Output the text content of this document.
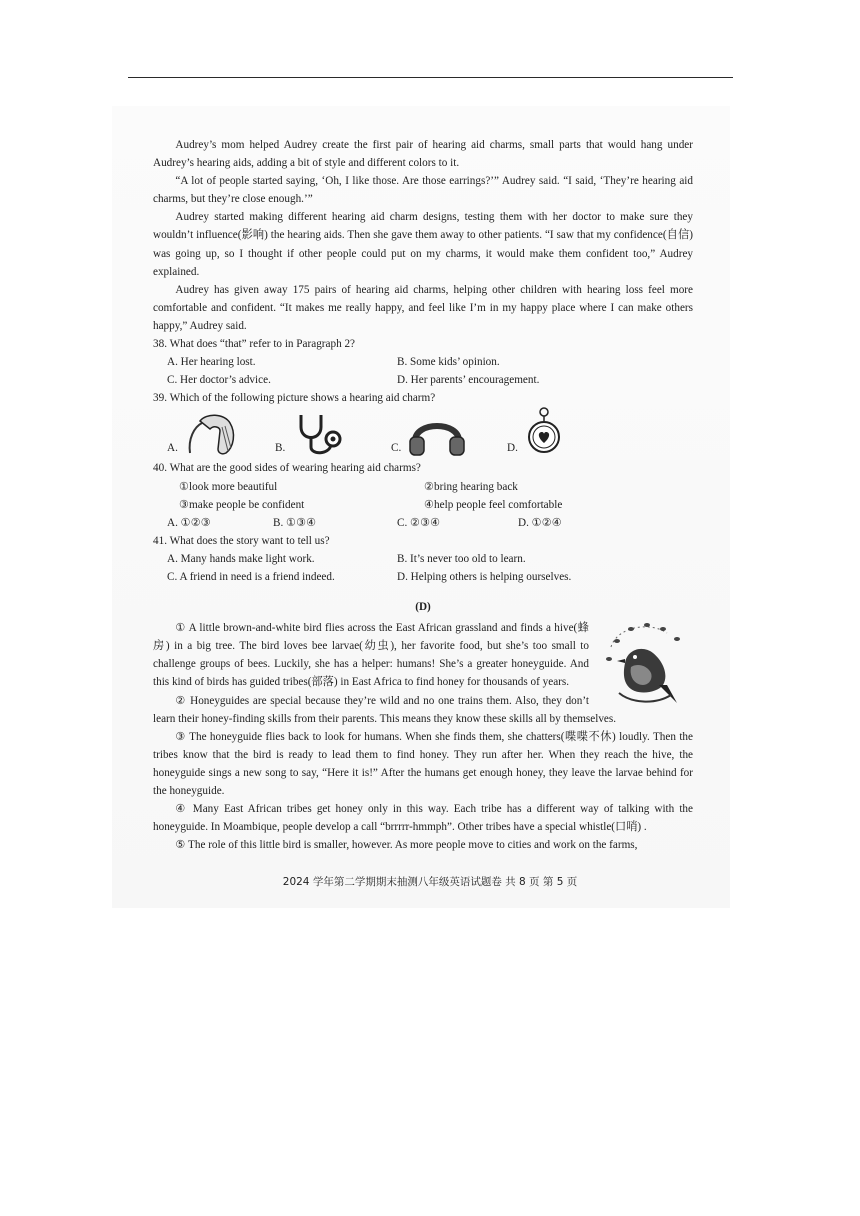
Audrey’s mom helped Audrey create the first pair of hearing aid charms, small parts that would hang under Audrey’s hearing aids, adding a bit of style and different colors to it.

“A lot of people started saying, ‘Oh, I like those. Are those earrings?’” Audrey said. “I said, ‘They’re hearing aid charms, but they’re close enough.’”

Audrey started making different hearing aid charm designs, testing them with her doctor to make sure they wouldn’t influence(影响) the hearing aids. Then she gave them away to other patients. “I saw that my confidence(自信) was going up, so I thought if other people could put on my charms, it would make them confident too,” Audrey explained.

Audrey has given away 175 pairs of hearing aid charms, helping other children with hearing loss feel more comfortable and confident. “It makes me really happy, and feel like I’m in my happy place where I can make others happy,” Audrey said.

38. What does “that” refer to in Paragraph 2?

A. Her hearing lost.	B. Some kids’ opinion.
C. Her doctor’s advice.	D. Her parents’ encouragement.

39. Which of the following picture shows a hearing aid charm?

A.	B.	C.	D.

40. What are the good sides of wearing hearing aid charms?

①look more beautiful	②bring hearing back
③make people be confident	④help people feel comfortable
A. ①②③	B. ①③④	C. ②③④	D. ①②④

41. What does the story want to tell us?

A. Many hands make light work.	B. It’s never too old to learn.
C. A friend in need is a friend indeed.	D. Helping others is helping ourselves.
(D)

① A little brown-and-white bird flies across the East African grassland and finds a hive(蜂房) in a big tree. The bird loves bee larvae(幼虫), her favorite food, but she’s too small to challenge groups of bees. Luckily, she has a helper: humans! She’s a greater honeyguide. And this kind of birds has guided tribes(部落) in East Africa to find honey for thousands of years.

② Honeyguides are special because they’re wild and no one trains them. Also, they don’t learn their honey-finding skills from their parents. This means they know these skills all by themselves.

③ The honeyguide flies back to look for humans. When she finds them, she chatters(喋喋不休) loudly. Then the tribes know that the bird is ready to lead them to find honey. They run after her. When they reach the hive, the honeyguide sings a new song to say, “Here it is!” After the humans get enough honey, they leave the larvae behind for the honeyguide.

④ Many East African tribes get honey only in this way. Each tribe has a different way of talking with the honeyguide. In Moambique, people develop a call “brrrrr-hmmph”. Other tribes have a special whistle(口哨) .

⑤ The role of this little bird is smaller, however. As more people move to cities and work on the farms,

2024 学年第二学期期末抽测八年级英语试题卷 共 8 页 第 5 页
